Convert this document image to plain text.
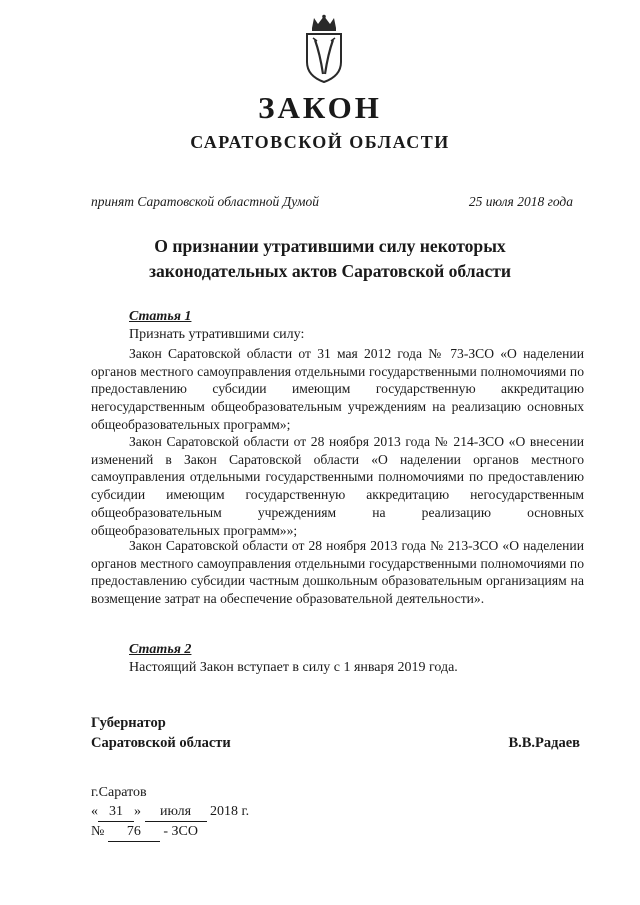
ЗАКОН
САРАТОВСКОЙ ОБЛАСТИ
принят Саратовской областной Думой	25 июля 2018 года
О признании утратившими силу некоторых
законодательных актов Саратовской области
Статья 1
Признать утратившими силу:
Закон Саратовской области от 31 мая 2012 года № 73-ЗСО «О наделении органов местного самоуправления отдельными государственными полномочиями по предоставлению субсидии имеющим государственную аккредитацию негосударственным общеобразовательным учреждениям на реализацию основных общеобразовательных программ»;
Закон Саратовской области от 28 ноября 2013 года № 214-ЗСО «О внесении изменений в Закон Саратовской области «О наделении органов местного самоуправления отдельными государственными полномочиями по предоставлению субсидии имеющим государственную аккредитацию негосударственным общеобразовательным учреждениям на реализацию основных общеобразовательных программ»»;
Закон Саратовской области от 28 ноября 2013 года № 213-ЗСО «О наделении органов местного самоуправления отдельными государственными полномочиями по предоставлению субсидии частным дошкольным образовательным организациям на возмещение затрат на обеспечение образовательной деятельности».
Статья 2
Настоящий Закон вступает в силу с 1 января 2019 года.
Губернатор
Саратовской области	В.В.Радаев
г.Саратов
« 31 » июля 2018 г.
№ 76 - ЗСО
